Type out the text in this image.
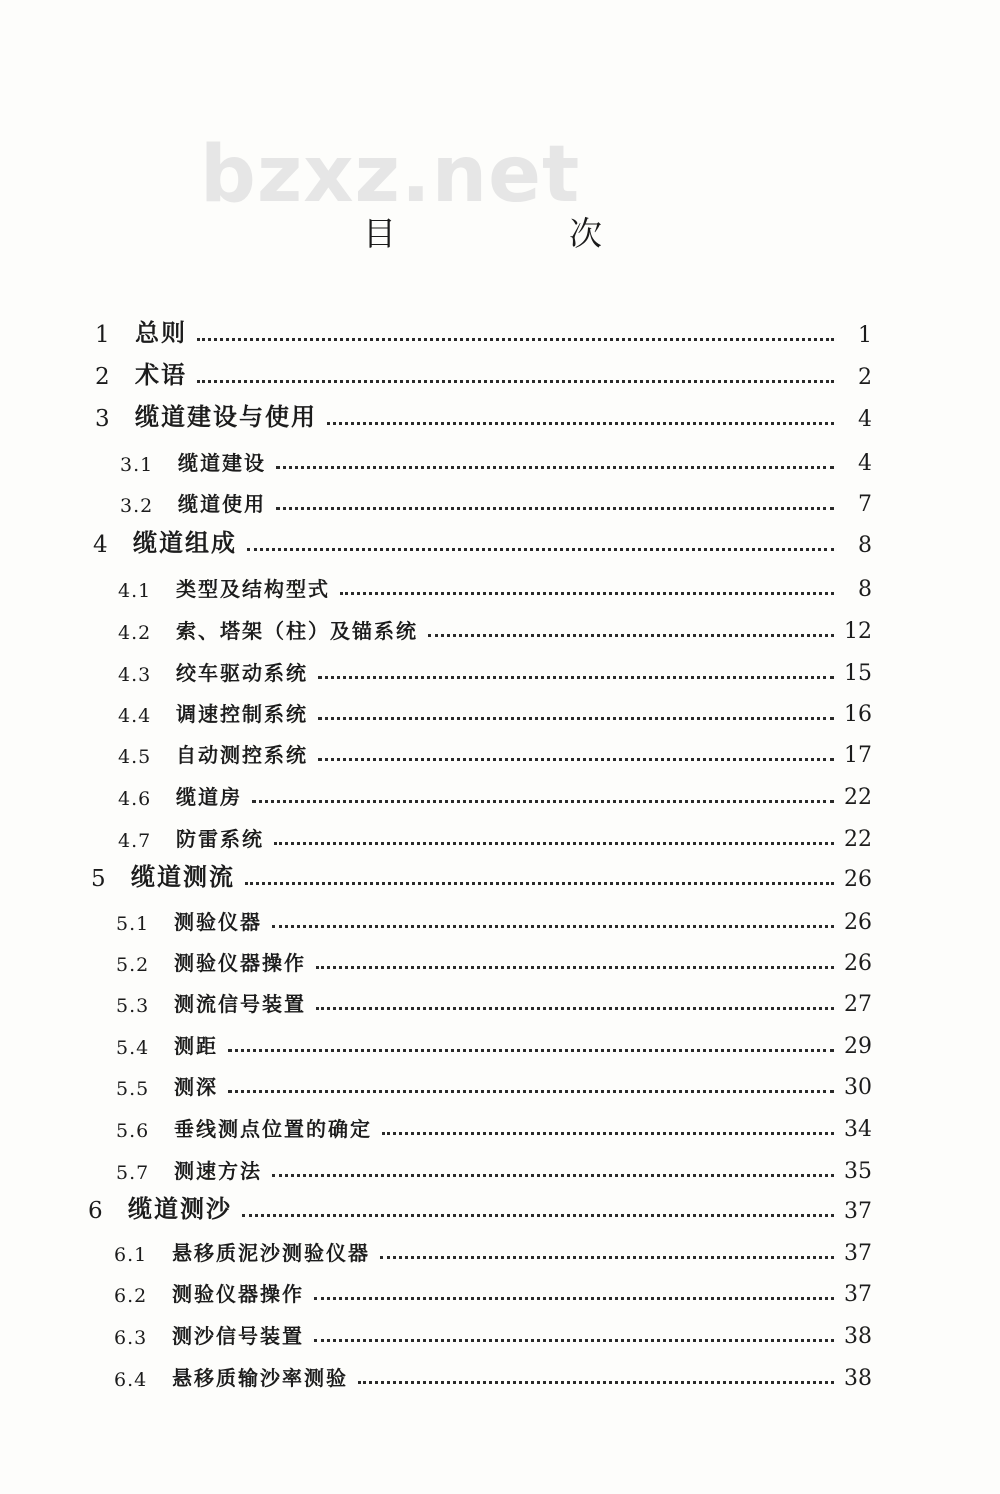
bzxz.net
目　次
1	总则	1
2	术语	2
3	缆道建设与使用	4
3.1	缆道建设	4
3.2	缆道使用	7
4	缆道组成	8
4.1	类型及结构型式	8
4.2	索、塔架（柱）及锚系统	12
4.3	绞车驱动系统	15
4.4	调速控制系统	16
4.5	自动测控系统	17
4.6	缆道房	22
4.7	防雷系统	22
5	缆道测流	26
5.1	测验仪器	26
5.2	测验仪器操作	26
5.3	测流信号装置	27
5.4	测距	29
5.5	测深	30
5.6	垂线测点位置的确定	34
5.7	测速方法	35
6	缆道测沙	37
6.1	悬移质泥沙测验仪器	37
6.2	测验仪器操作	37
6.3	测沙信号装置	38
6.4	悬移质输沙率测验	38
